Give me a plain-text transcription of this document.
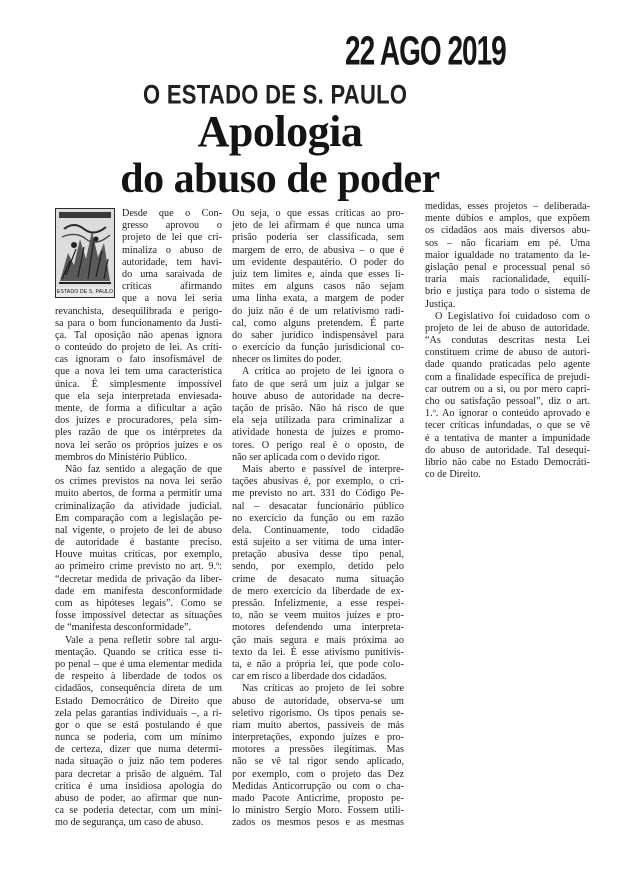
22 AGO 2019
O ESTADO DE S. PAULO
Apologia
do abuso de poder
ESTADO DE S. PAULO
Desde que o Con-
gresso aprovou o
projeto de lei que cri-
minaliza o abuso de
autoridade, tem havi-
do uma saraivada de
críticas afirmando
que a nova lei seria
revanchista, desequilibrada e perigo-
sa para o bom funcionamento da Justi-
ça. Tal oposição não apenas ignora
o conteúdo do projeto de lei. As críti-
cas ignoram o fato insofismável de
que a nova lei tem uma característica
única. É simplesmente impossível
que ela seja interpretada enviesada-
mente, de forma a dificultar a ação
dos juízes e procuradores, pela sim-
ples razão de que os intérpretes da
nova lei serão os próprios juízes e os
membros do Ministério Público.
Não faz sentido a alegação de que
os crimes previstos na nova lei serão
muito abertos, de forma a permitir uma
criminalização da atividade judicial.
Em comparação com a legislação pe-
nal vigente, o projeto de lei de abuso
de autoridade é bastante preciso.
Houve muitas críticas, por exemplo,
ao primeiro crime previsto no art. 9.º:
“decretar medida de privação da liber-
dade em manifesta desconformidade
com as hipóteses legais”. Como se
fosse impossível detectar as situações
de “manifesta desconformidade”.
Vale a pena refletir sobre tal argu-
mentação. Quando se critica esse ti-
po penal – que é uma elementar medida
de respeito à liberdade de todos os
cidadãos, consequência direta de um
Estado Democrático de Direito que
zela pelas garantias individuais –, a ri-
gor o que se está postulando é que
nunca se poderia, com um mínimo
de certeza, dizer que numa determi-
nada situação o juiz não tem poderes
para decretar a prisão de alguém. Tal
crítica é uma insidiosa apologia do
abuso de poder, ao afirmar que nun-
ca se poderia detectar, com um míni-
mo de segurança, um caso de abuso.
Ou seja, o que essas críticas ao pro-
jeto de lei afirmam é que nunca uma
prisão poderia ser classificada, sem
margem de erro, de abusiva – o que é
um evidente despautério. O poder do
juiz tem limites e, ainda que esses li-
mites em alguns casos não sejam
uma linha exata, a margem de poder
do juiz não é de um relativismo radi-
cal, como alguns pretendem. É parte
do saber jurídico indispensável para
o exercício da função jurisdicional co-
nhecer os limites do poder.
A crítica ao projeto de lei ignora o
fato de que será um juiz a julgar se
houve abuso de autoridade na decre-
tação de prisão. Não há risco de que
ela seja utilizada para criminalizar a
atividade honesta de juízes e promo-
tores. O perigo real é o oposto, de
não ser aplicada com o devido rigor.
Mais aberto e passível de interpre-
tações abusivas é, por exemplo, o cri-
me previsto no art. 331 do Código Pe-
nal – desacatar funcionário público
no exercício da função ou em razão
dela. Continuamente, todo cidadão
está sujeito a ser vítima de uma inter-
pretação abusiva desse tipo penal,
sendo, por exemplo, detido pelo
crime de desacato numa situação
de mero exercício da liberdade de ex-
pressão. Infelizmente, a esse respei-
to, não se veem muitos juízes e pro-
motores defendendo uma interpreta-
ção mais segura e mais próxima ao
texto da lei. É esse ativismo punitivis-
ta, e não a própria lei, que pode colo-
car em risco a liberdade dos cidadãos.
Nas críticas ao projeto de lei sobre
abuso de autoridade, observa-se um
seletivo rigorismo. Os tipos penais se-
riam muito abertos, passíveis de más
interpretações, expondo juízes e pro-
motores a pressões ilegítimas. Mas
não se vê tal rigor sendo aplicado,
por exemplo, com o projeto das Dez
Medidas Anticorrupção ou com o cha-
mado Pacote Anticrime, proposto pe-
lo ministro Sergio Moro. Fossem utili-
zados os mesmos pesos e as mesmas
medidas, esses projetos – deliberada-
mente dúbios e amplos, que expõem
os cidadãos aos mais diversos abu-
sos – não ficariam em pé. Uma
maior igualdade no tratamento da le-
gislação penal e processual penal só
traria mais racionalidade, equilí-
brio e justiça para todo o sistema de
Justiça.
O Legislativo foi cuidadoso com o
projeto de lei de abuso de autoridade.
“As condutas descritas nesta Lei
constituem crime de abuso de autori-
dade quando praticadas pelo agente
com a finalidade específica de prejudi-
car outrem ou a si, ou por mero capri-
cho ou satisfação pessoal”, diz o art.
1.º. Ao ignorar o conteúdo aprovado e
tecer críticas infundadas, o que se vê
é a tentativa de manter a impunidade
do abuso de autoridade. Tal desequi-
líbrio não cabe no Estado Democráti-
co de Direito.
